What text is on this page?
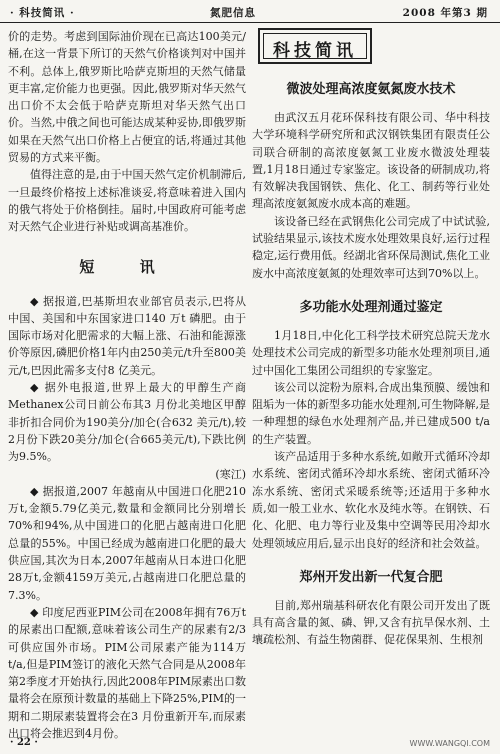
· 科技简讯 ·	氮肥信息	2008 年第3 期

价的走势。考虑到国际油价现在已高达100美元/桶,在这一背景下所订的天然气价格谈判对中国并不利。总体上,俄罗斯比哈萨克斯坦的天然气储量更丰富,定价能力也更强。因此,俄罗斯对华天然气出口价不太会低于哈萨克斯坦对华天然气出口价。当然,中俄之间也可能达成某种妥协,即俄罗斯如果在天然气出口价格上占便宜的话,将通过其他贸易的方式来平衡。

值得注意的是,由于中国天然气定价机制滞后,一旦最终价格按上述标准谈妥,将意味着进入国内的俄气将处于价格倒挂。届时,中国政府可能考虑对天然气企业进行补贴或调高基准价。

短 讯

◆ 据报道,巴基斯坦农业部官员表示,巴将从中国、美国和中东国家进口140 万t 磷肥。由于国际市场对化肥需求的大幅上涨、石油和能源涨价等原因,磷肥价格1年内由250美元/t升至800美元/t,巴因此需多支付8 亿美元。

◆ 据外电报道,世界上最大的甲醇生产商Methanex公司日前公布其3 月份北美地区甲醇非折扣合同价为190美分/加仑(合632 美元/t),较2月份下跌20美分/加仑(合665美元/t),下跌比例为9.5%。

(寒江)

◆ 据报道,2007 年越南从中国进口化肥210万t,金额5.79亿美元,数量和金额同比分别增长70%和94%,从中国进口的化肥占越南进口化肥总量的55%。中国已经成为越南进口化肥的最大供应国,其次为日本,2007年越南从日本进口化肥28万t,金额4159万美元,占越南进口化肥总量的7.3%。

◆ 印度尼西亚PIM公司在2008年拥有76万t的尿素出口配额,意味着该公司生产的尿素有2/3可供应国外市场。PIM公司尿素产能为114万t/a,但是PIM签订的液化天然气合同是从2008年第2季度才开始执行,因此2008年PIM尿素出口数量将会在原预计数量的基础上下降25%,PIM的一期和二期尿素装置将会在3 月份重新开车,而尿素出口将会推迟到4月份。

科技简讯
微波处理高浓度氨氮废水技术

由武汉五月花环保科技有限公司、华中科技大学环境科学研究所和武汉钢铁集团有限责任公司联合研制的高浓度氨氮工业废水微波处理装置,1月18日通过专家鉴定。该设备的研制成功,将有效解决我国钢铁、焦化、化工、制药等行业处理高浓度氨氮废水成本高的难题。

该设备已经在武钢焦化公司完成了中试试验,试验结果显示,该技术废水处理效果良好,运行过程稳定,运行费用低。经湖北省环保局测试,焦化工业废水中高浓度氨氮的处理效率可达到70%以上。

多功能水处理剂通过鉴定

1月18日,中化化工科学技术研究总院天龙水处理技术公司完成的新型多功能水处理剂项目,通过中国化工集团公司组织的专家鉴定。

该公司以淀粉为原料,合成出集预膜、缓蚀和阻垢为一体的新型多功能水处理剂,可生物降解,是一种理想的绿色水处理剂产品,并已建成500 t/a的生产装置。

该产品适用于多种水系统,如敞开式循环冷却水系统、密闭式循环冷却水系统、密闭式循环冷冻水系统、密闭式采暖系统等;还适用于多种水质,如一般工业水、软化水及纯水等。在钢铁、石化、化肥、电力等行业及集中空调等民用冷却水处理领域应用后,显示出良好的经济和社会效益。

郑州开发出新一代复合肥

目前,郑州瑞基科研农化有限公司开发出了既具有高含量的氮、磷、钾,又含有抗旱保水剂、土壤疏松剂、有益生物菌群、促花保果剂、生根剂

· 22 ·	WWW.WANGQI.COM
